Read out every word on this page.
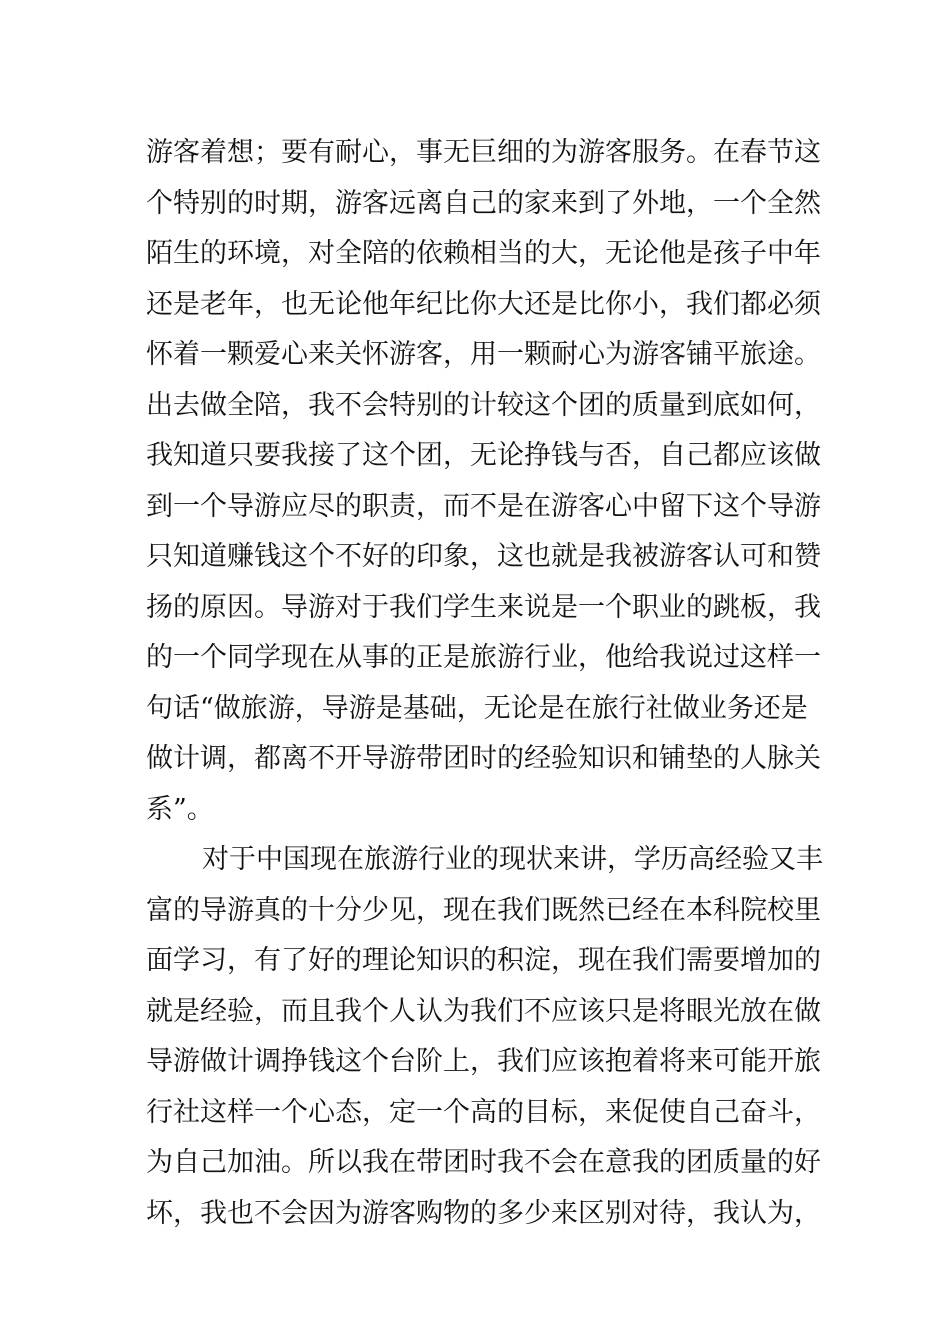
游客着想；要有耐心，事无巨细的为游客服务。在春节这
个特别的时期，游客远离自己的家来到了外地，一个全然
陌生的环境，对全陪的依赖相当的大，无论他是孩子中年
还是老年，也无论他年纪比你大还是比你小，我们都必须
怀着一颗爱心来关怀游客，用一颗耐心为游客铺平旅途。
出去做全陪，我不会特别的计较这个团的质量到底如何，
我知道只要我接了这个团，无论挣钱与否，自己都应该做
到一个导游应尽的职责，而不是在游客心中留下这个导游
只知道赚钱这个不好的印象，这也就是我被游客认可和赞
扬的原因。导游对于我们学生来说是一个职业的跳板，我
的一个同学现在从事的正是旅游行业，他给我说过这样一
句话“做旅游，导游是基础，无论是在旅行社做业务还是
做计调，都离不开导游带团时的经验知识和铺垫的人脉关
系”。
对于中国现在旅游行业的现状来讲，学历高经验又丰
富的导游真的十分少见，现在我们既然已经在本科院校里
面学习，有了好的理论知识的积淀，现在我们需要增加的
就是经验，而且我个人认为我们不应该只是将眼光放在做
导游做计调挣钱这个台阶上，我们应该抱着将来可能开旅
行社这样一个心态，定一个高的目标，来促使自己奋斗，
为自己加油。所以我在带团时我不会在意我的团质量的好
坏，我也不会因为游客购物的多少来区别对待，我认为，
